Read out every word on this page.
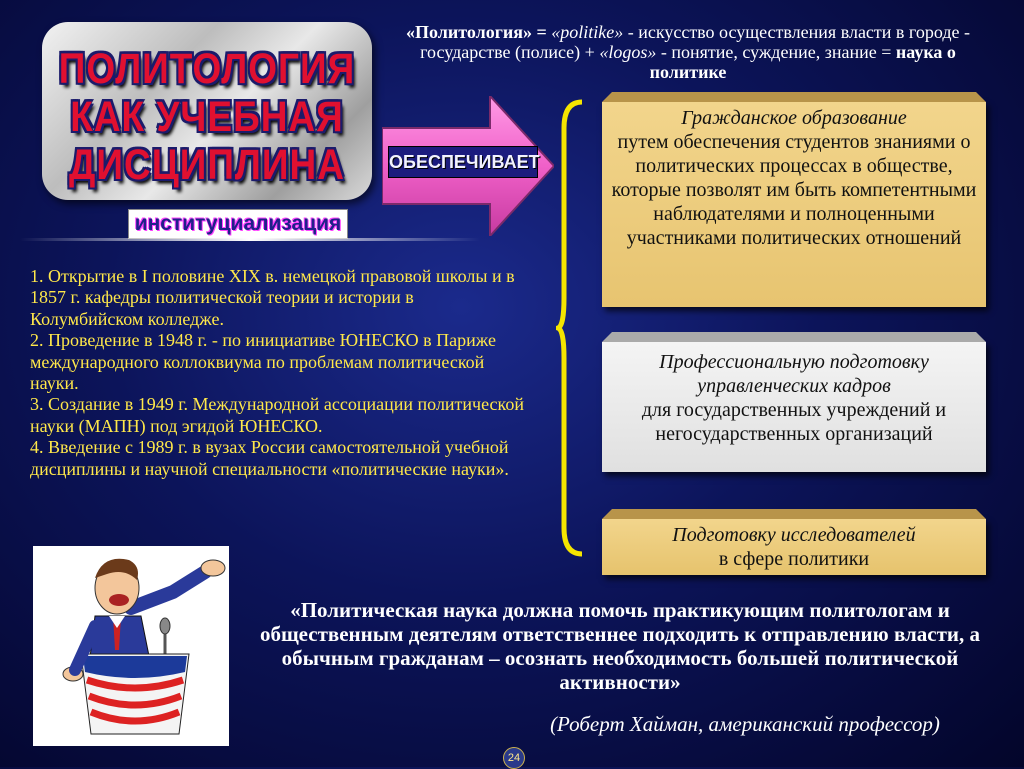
ПОЛИТОЛОГИЯ
КАК УЧЕБНАЯ
ДИСЦИПЛИНА
институциализация
ОБЕСПЕЧИВАЕТ
«Политология» = «politike» - искусство осуществления власти в городе - государстве (полисе) + «logos» - понятие, суждение, знание = наука о политике
Гражданское образование
путем обеспечения студентов знаниями о политических процессах в обществе, которые позволят им быть компетентными наблюдателями и полноценными участниками политических отношений
Профессиональную подготовку управленческих кадров
для государственных учреждений и негосударственных организаций
Подготовку исследователей
в сфере политики

1. Открытие в I половине XIX в. немецкой правовой школы и в 1857 г. кафедры политической теории и истории в Колумбийском колледже.

2. Проведение в 1948 г. - по инициативе ЮНЕСКО в Париже международного коллоквиума по проблемам политической науки.

3. Создание в 1949 г. Международной ассоциации политической науки (МАПН) под эгидой ЮНЕСКО.

4. Введение с 1989 г. в вузах России самостоятельной учебной дисциплины и научной специальности «политические науки».

«Политическая наука должна помочь практикующим политологам и общественным деятелям ответственнее подходить к отправлению власти, а обычным гражданам – осознать необходимость большей политической активности»
(Роберт Хайман, американский профессор)
24
